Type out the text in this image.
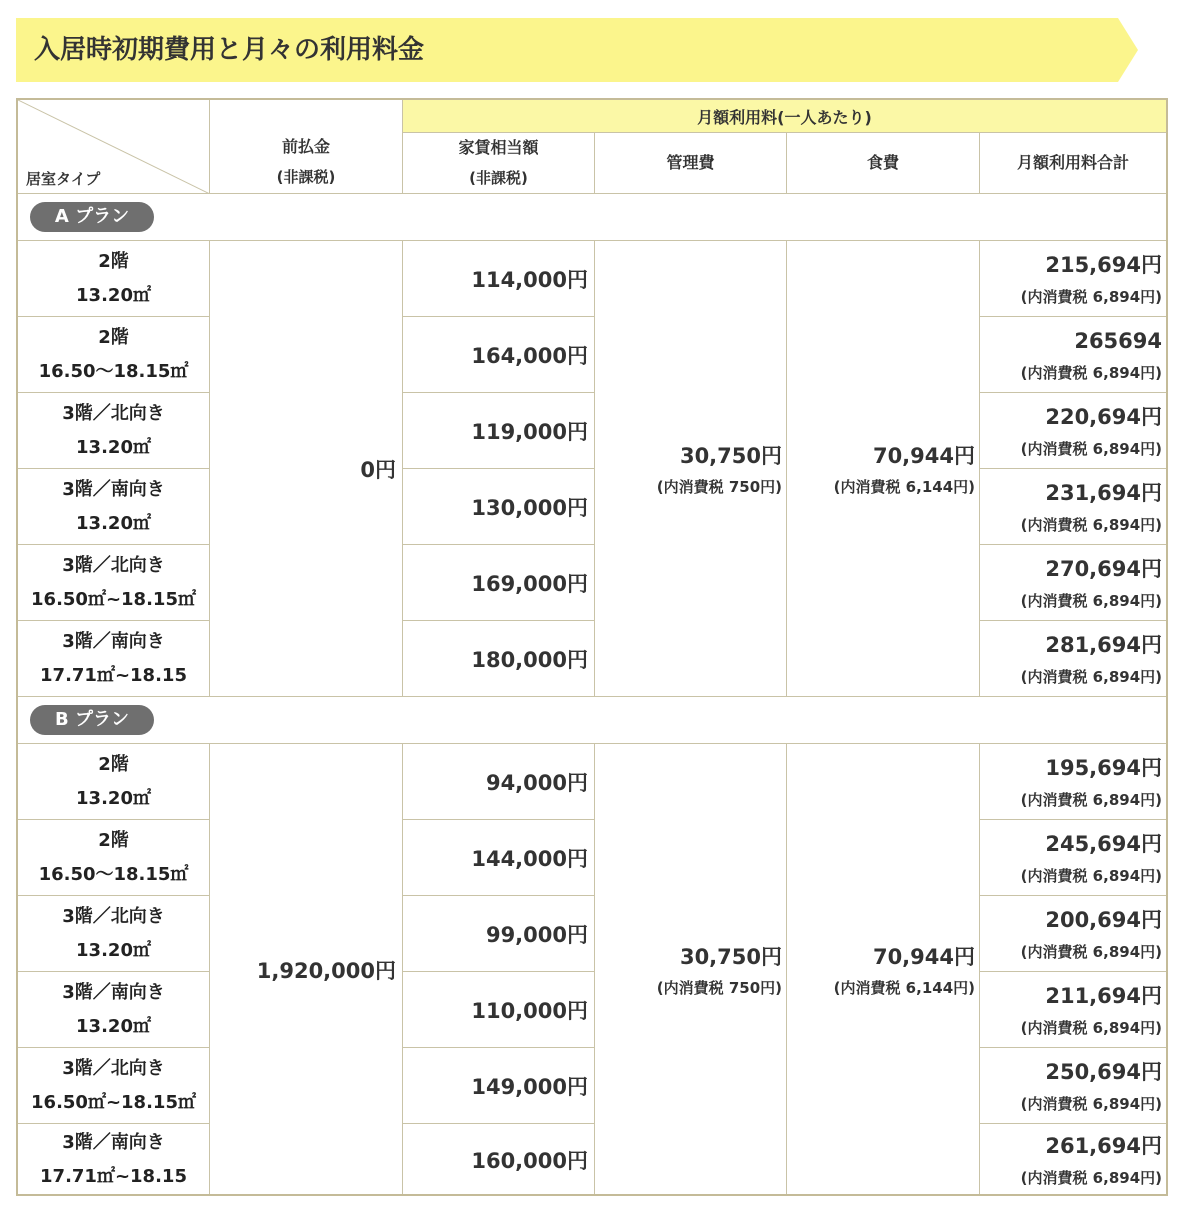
入居時初期費用と月々の利用料金
居室タイプ
前払金
(非課税)
月額利用料(一人あたり)
家賃相当額
(非課税)
管理費	食費	月額利用料合計
A プラン
2階
13.20㎡
2階
16.50～18.15㎡
3階／北向き
13.20㎡
3階／南向き
13.20㎡
3階／北向き
16.50㎡~18.15㎡
3階／南向き
17.71㎡~18.15
0円
114,000円
164,000円
119,000円
130,000円
169,000円
180,000円
30,750円
(内消費税 750円)
70,944円
(内消費税 6,144円)
215,694円
(内消費税 6,894円)
265694
(内消費税 6,894円)
220,694円
(内消費税 6,894円)
231,694円
(内消費税 6,894円)
270,694円
(内消費税 6,894円)
281,694円
(内消費税 6,894円)
B プラン
2階
13.20㎡
2階
16.50～18.15㎡
3階／北向き
13.20㎡
3階／南向き
13.20㎡
3階／北向き
16.50㎡~18.15㎡
3階／南向き
17.71㎡~18.15
1,920,000円
94,000円
144,000円
99,000円
110,000円
149,000円
160,000円
30,750円
(内消費税 750円)
70,944円
(内消費税 6,144円)
195,694円
(内消費税 6,894円)
245,694円
(内消費税 6,894円)
200,694円
(内消費税 6,894円)
211,694円
(内消費税 6,894円)
250,694円
(内消費税 6,894円)
261,694円
(内消費税 6,894円)
